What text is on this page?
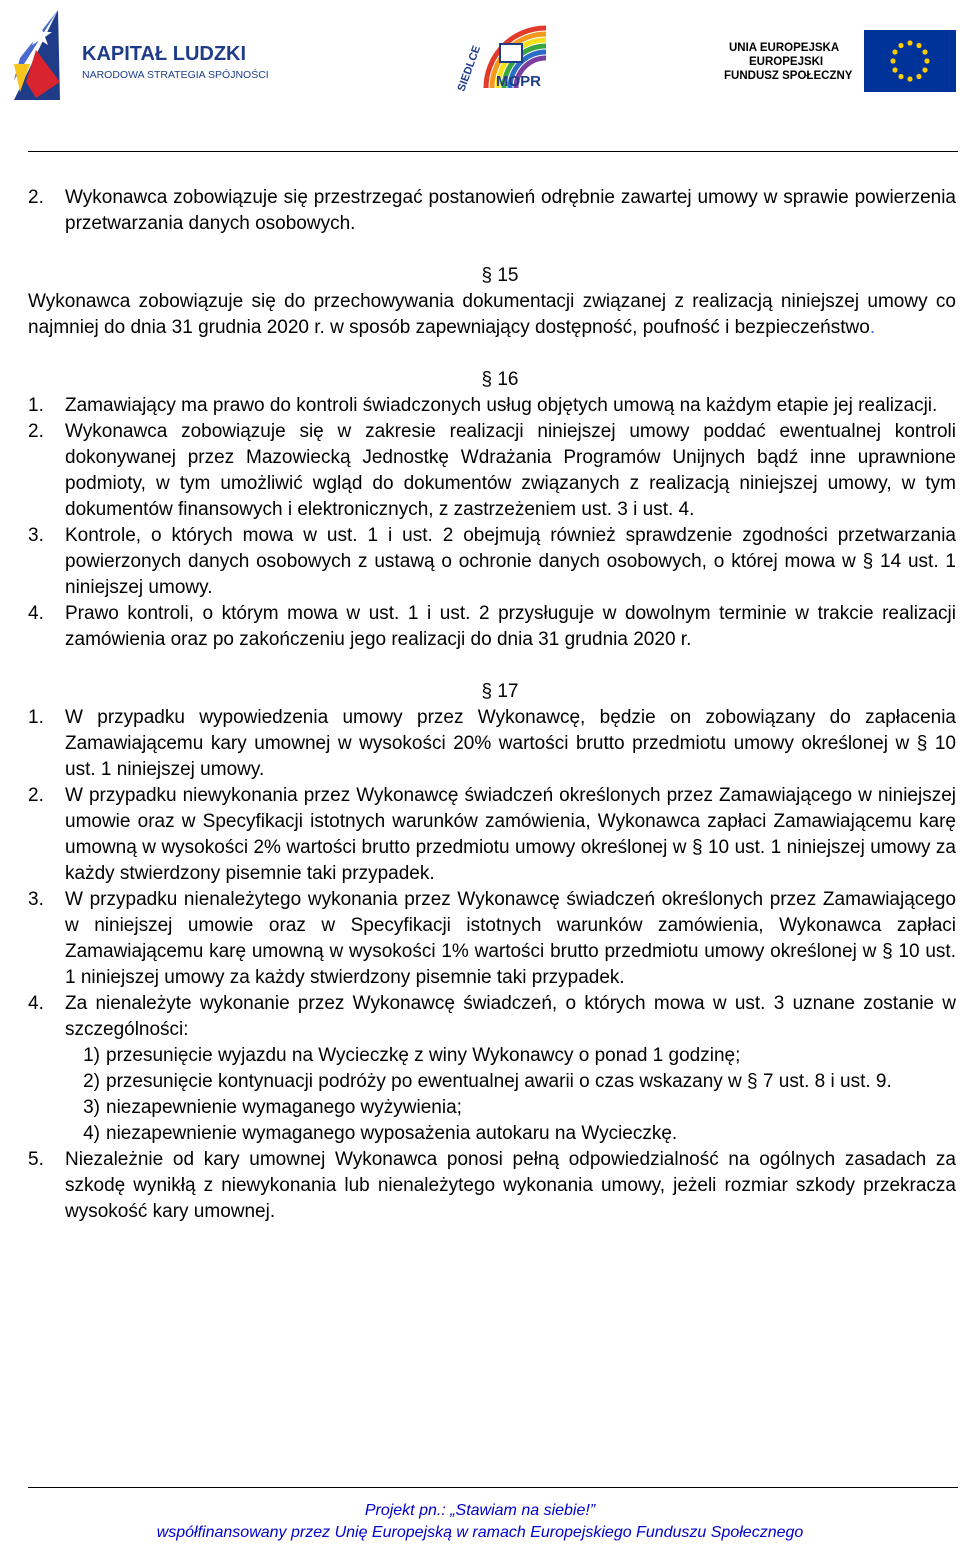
KAPITAŁ LUDZKI
NARODOWA STRATEGIA SPÓJNOŚCI	SIEDLCE MOPR
UNIA EUROPEJSKA
EUROPEJSKI
FUNDUSZ SPOŁECZNY
2.	Wykonawca zobowiązuje się przestrzegać postanowień odrębnie zawartej umowy w sprawie powierzenia przetwarzania danych osobowych.
§ 15
Wykonawca zobowiązuje się do przechowywania dokumentacji związanej z realizacją niniejszej umowy co najmniej do dnia 31 grudnia 2020 r. w sposób zapewniający dostępność, poufność i bezpieczeństwo.
§ 16
1.	Zamawiający ma prawo do kontroli świadczonych usług objętych umową na każdym etapie jej realizacji.
2.	Wykonawca zobowiązuje się w zakresie realizacji niniejszej umowy poddać ewentualnej kontroli dokonywanej przez Mazowiecką Jednostkę Wdrażania Programów Unijnych bądź inne uprawnione podmioty, w tym umożliwić wgląd do dokumentów związanych z realizacją niniejszej umowy, w tym dokumentów finansowych i elektronicznych, z zastrzeżeniem ust. 3 i ust. 4.
3.	Kontrole, o których mowa w ust. 1 i ust. 2 obejmują również sprawdzenie zgodności przetwarzania powierzonych danych osobowych z ustawą o ochronie danych osobowych, o której mowa w § 14 ust. 1 niniejszej umowy.
4.	Prawo kontroli, o którym mowa w ust. 1 i ust. 2 przysługuje w dowolnym terminie w trakcie realizacji zamówienia oraz po zakończeniu jego realizacji do dnia 31 grudnia 2020 r.
§ 17
1.	W przypadku wypowiedzenia umowy przez Wykonawcę, będzie on zobowiązany do zapłacenia Zamawiającemu kary umownej w wysokości 20% wartości brutto przedmiotu umowy określonej w § 10 ust. 1 niniejszej umowy.
2.	W przypadku niewykonania przez Wykonawcę świadczeń określonych przez Zamawiającego w niniejszej umowie oraz w Specyfikacji istotnych warunków zamówienia, Wykonawca zapłaci Zamawiającemu karę umowną w wysokości 2% wartości brutto przedmiotu umowy określonej w § 10 ust. 1 niniejszej umowy za każdy stwierdzony pisemnie taki przypadek.
3.	W przypadku nienależytego wykonania przez Wykonawcę świadczeń określonych przez Zamawiającego w niniejszej umowie oraz w Specyfikacji istotnych warunków zamówienia, Wykonawca zapłaci Zamawiającemu karę umowną w wysokości 1% wartości brutto przedmiotu umowy określonej w § 10 ust. 1 niniejszej umowy za każdy stwierdzony pisemnie taki przypadek.
4.	Za nienależyte wykonanie przez Wykonawcę świadczeń, o których mowa w ust. 3 uznane zostanie w szczególności:
1) przesunięcie wyjazdu na Wycieczkę z winy Wykonawcy o ponad 1 godzinę;
2) przesunięcie kontynuacji podróży po ewentualnej awarii o czas wskazany w § 7 ust. 8 i ust. 9.
3) niezapewnienie wymaganego wyżywienia;
4) niezapewnienie wymaganego wyposażenia autokaru na Wycieczkę.
5.	Niezależnie od kary umownej Wykonawca ponosi pełną odpowiedzialność na ogólnych zasadach za szkodę wynikłą z niewykonania lub nienależytego wykonania umowy, jeżeli rozmiar szkody przekracza wysokość kary umownej.
Projekt pn.: „Stawiam na siebie!”
współfinansowany przez Unię Europejską w ramach Europejskiego Funduszu Społecznego
